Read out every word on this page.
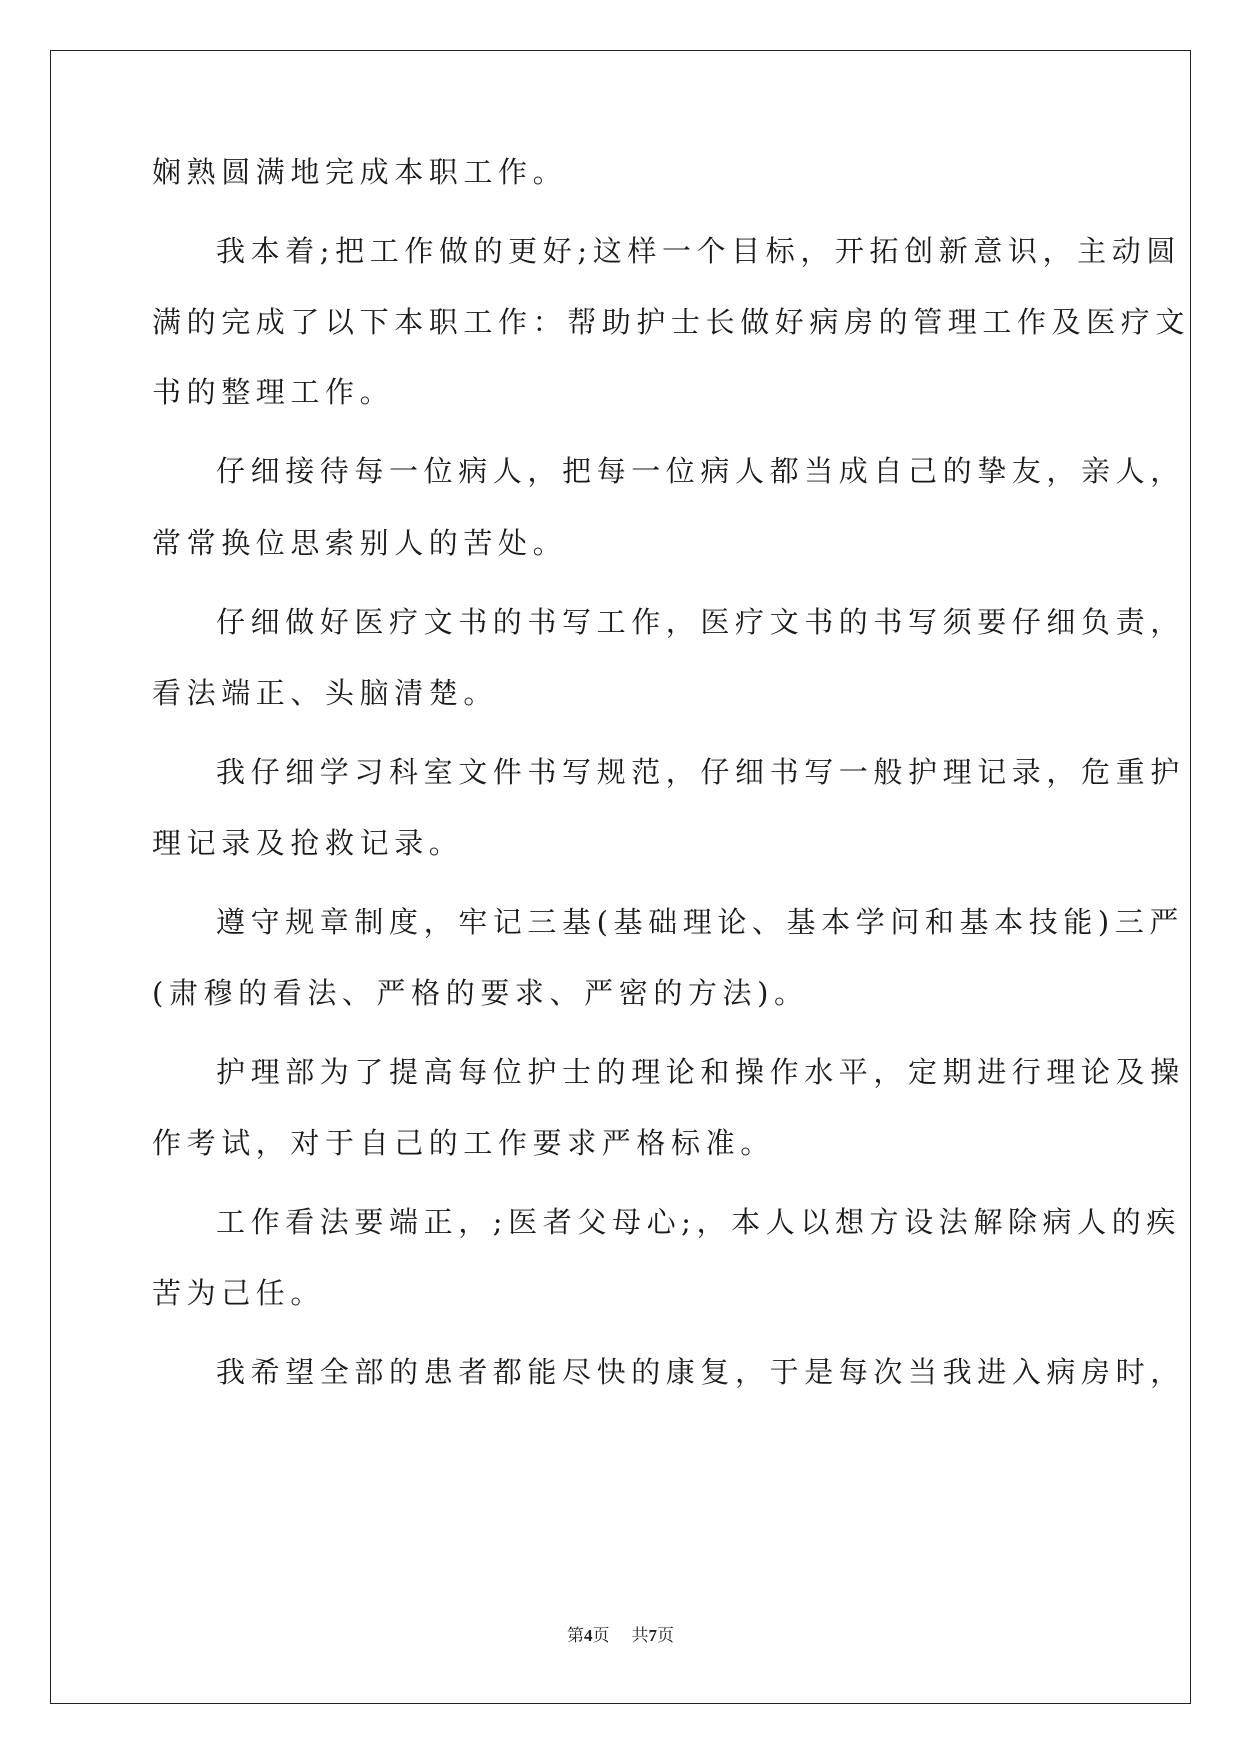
娴熟圆满地完成本职工作。
我本着;把工作做的更好;这样一个目标，开拓创新意识，主动圆
满的完成了以下本职工作：帮助护士长做好病房的管理工作及医疗文
书的整理工作。
仔细接待每一位病人，把每一位病人都当成自己的挚友，亲人，
常常换位思索别人的苦处。
仔细做好医疗文书的书写工作，医疗文书的书写须要仔细负责，
看法端正、头脑清楚。
我仔细学习科室文件书写规范，仔细书写一般护理记录，危重护
理记录及抢救记录。
遵守规章制度，牢记三基(基础理论、基本学问和基本技能)三严
(肃穆的看法、严格的要求、严密的方法)。
护理部为了提高每位护士的理论和操作水平，定期进行理论及操
作考试，对于自己的工作要求严格标准。
工作看法要端正，;医者父母心;，本人以想方设法解除病人的疾
苦为己任。
我希望全部的患者都能尽快的康复，于是每次当我进入病房时，
第4页 共7页
